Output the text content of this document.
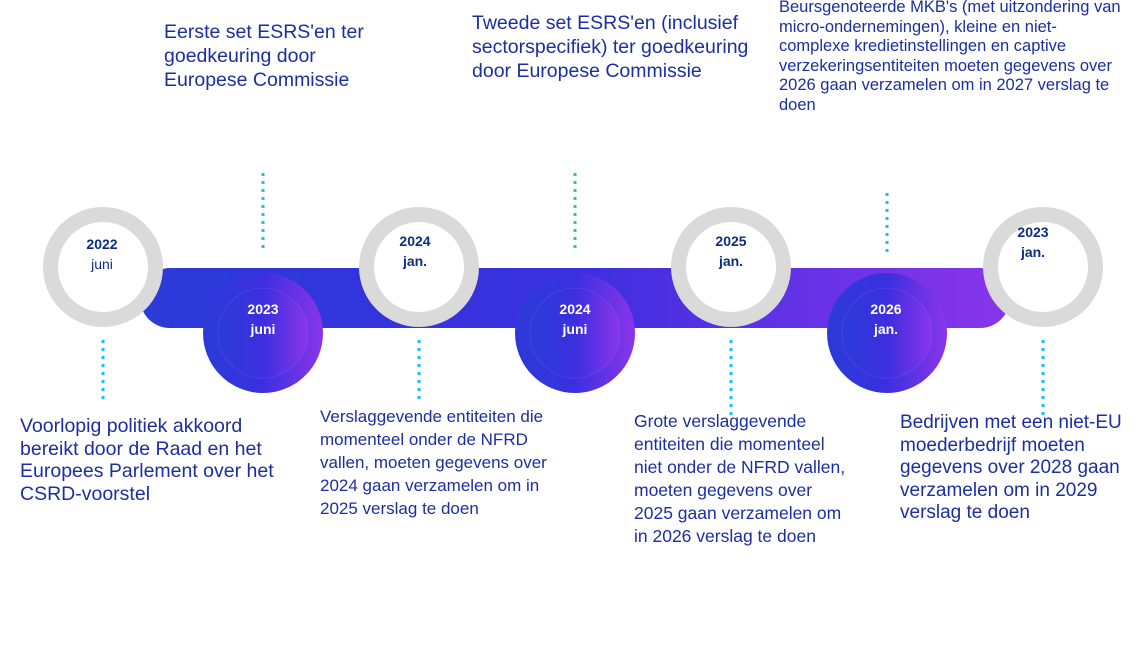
2022
juni
2023
juni
2024
jan.
2024
juni
2025
jan.
2026
jan.
2023
jan.

Eerste set ESRS'en ter goedkeuring door Europese Commissie

Tweede set ESRS'en (inclusief sectorspecifiek) ter goedkeuring door Europese Commissie

Beursgenoteerde MKB's (met uitzondering van micro-ondernemingen), kleine en niet-complexe kredietinstellingen en captive verzekeringsentiteiten moeten gegevens over 2026 gaan verzamelen om in 2027 verslag te doen

Voorlopig politiek akkoord bereikt door de Raad en het Europees Parlement over het CSRD-voorstel

Verslaggevende entiteiten die momenteel onder de NFRD vallen, moeten gegevens over 2024 gaan verzamelen om in 2025 verslag te doen

Grote verslaggevende entiteiten die momenteel niet onder de NFRD vallen, moeten gegevens over 2025 gaan verzamelen om in 2026 verslag te doen

Bedrijven met een niet-EU moederbedrijf moeten gegevens over 2028 gaan verzamelen om in 2029 verslag te doen
